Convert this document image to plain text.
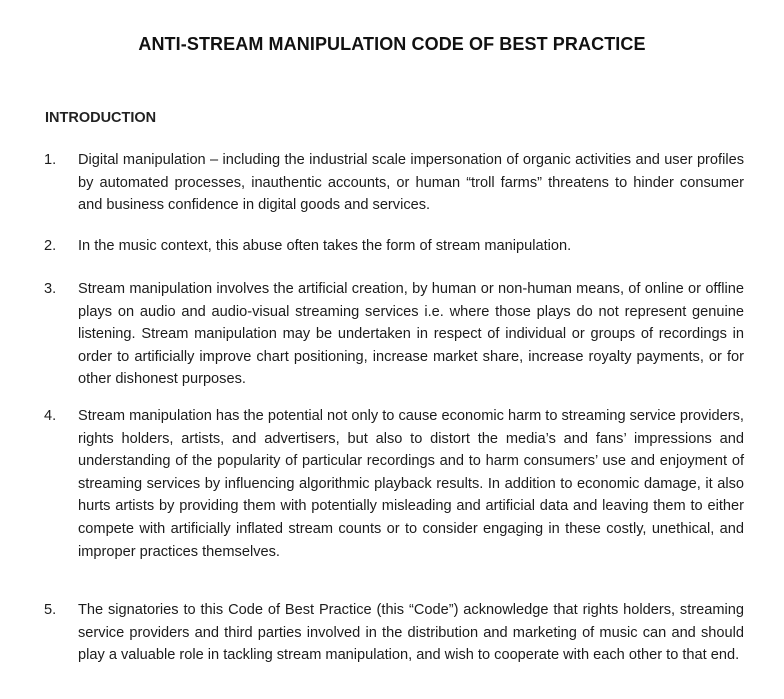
ANTI-STREAM MANIPULATION CODE OF BEST PRACTICE
INTRODUCTION
1.	Digital manipulation – including the industrial scale impersonation of organic activities and user profiles by automated processes, inauthentic accounts, or human “troll farms” threatens to hinder consumer and business confidence in digital goods and services.
2.	In the music context, this abuse often takes the form of stream manipulation.
3.	Stream manipulation involves the artificial creation, by human or non-human means, of online or offline plays on audio and audio-visual streaming services i.e. where those plays do not represent genuine listening. Stream manipulation may be undertaken in respect of individual or groups of recordings in order to artificially improve chart positioning, increase market share, increase royalty payments, or for other dishonest purposes.
4.	Stream manipulation has the potential not only to cause economic harm to streaming service providers, rights holders, artists, and advertisers, but also to distort the media’s and fans’ impressions and understanding of the popularity of particular recordings and to harm consumers’ use and enjoyment of streaming services by influencing algorithmic playback results. In addition to economic damage, it also hurts artists by providing them with potentially misleading and artificial data and leaving them to either compete with artificially inflated stream counts or to consider engaging in these costly, unethical, and improper practices themselves.
5.	The signatories to this Code of Best Practice (this “Code”) acknowledge that rights holders, streaming service providers and third parties involved in the distribution and marketing of music can and should play a valuable role in tackling stream manipulation, and wish to cooperate with each other to that end.
